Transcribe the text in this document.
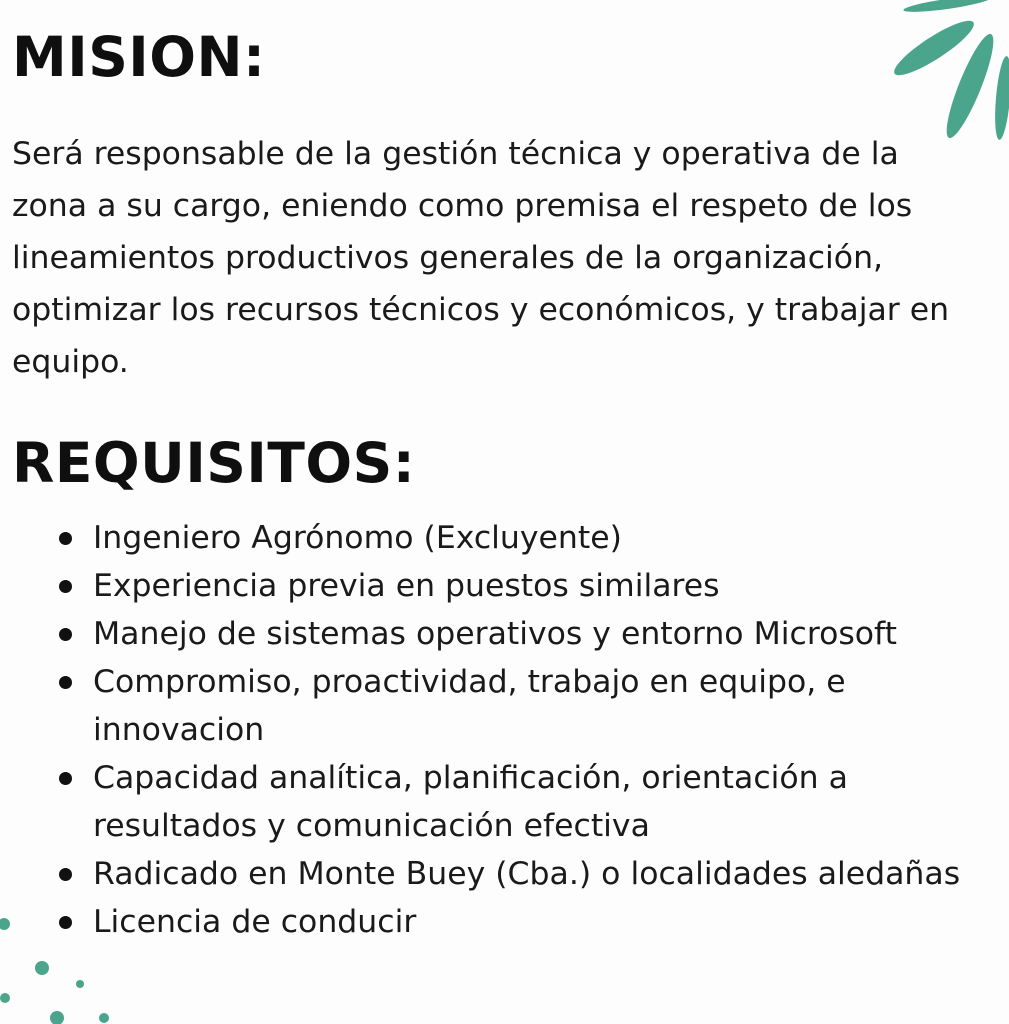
MISION:

Será responsable de la gestión técnica y operativa de la zona a su cargo, eniendo como premisa el respeto de los lineamientos productivos generales de la organización, optimizar los recursos técnicos y económicos, y trabajar en equipo.

REQUISITOS:
Ingeniero Agrónomo (Excluyente)
Experiencia previa en puestos similares
Manejo de sistemas operativos y entorno Microsoft
Compromiso, proactividad, trabajo en equipo, e innovacion
Capacidad analítica, planificación, orientación a resultados y comunicación efectiva
Radicado en Monte Buey (Cba.) o localidades aledañas
Licencia de conducir
